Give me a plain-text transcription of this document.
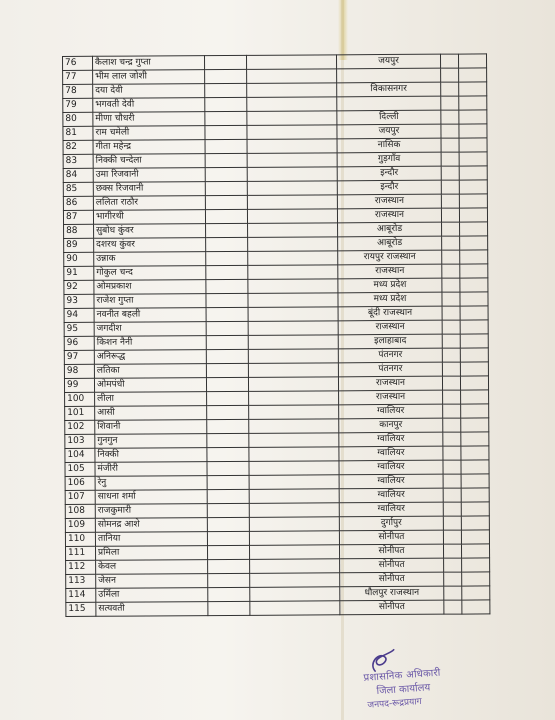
76	कैलाश चन्द्र गुप्ता			जयपुर		
77	भीम लाल जोशी					
78	दया देवी			विकासनगर		
79	भगवती देवी					
80	मीणा चौधरी			दिल्ली		
81	राम चमेली			जयपुर		
82	गीता महेन्द्र			नासिक		
83	निक्की चन्देला			गुड़गाँव		
84	उमा रिजवानी			इन्दौर		
85	छक्स रिजवानी			इन्दौर		
86	ललिता राठौर			राजस्थान		
87	भागीरथी			राजस्थान		
88	सुबोध कुंवर			आबूरोड		
89	दशरथ कुंवर			आबूरोड		
90	उन्नाक			रायपुर राजस्थान		
91	गोकुल चन्द			राजस्थान		
92	ओमप्रकाश			मध्य प्रदेश		
93	राजेश गुप्ता			मध्य प्रदेश		
94	नवनीत बहली			बूंदी राजस्थान		
95	जगदीश			राजस्थान		
96	किशन नैनी			इलाहाबाद		
97	अनिरूद्ध			पंतनगर		
98	लतिका			पंतनगर		
99	ओमपंधी			राजस्थान		
100	लीला			राजस्थान		
101	आसी			ग्वालियर		
102	शिवानी			कानपुर		
103	गुनगुन			ग्वालियर		
104	निक्की			ग्वालियर		
105	मंजीरी			ग्वालियर		
106	रेनु			ग्वालियर		
107	साधना शर्मा			ग्वालियर		
108	राजकुमारी			ग्वालियर		
109	सोमनद्र आशे			दुर्गापुर		
110	तानिया			सोनीपत		
111	प्रमिला			सोनीपत		
112	केवल			सोनीपत		
113	जेसन			सोनीपत		
114	उर्मिला			धौलपुर राजस्थान		
115	सत्यवती			सोनीपत		
प्रशासनिक अधिकारी
जिला कार्यालय
जनपद-रूद्रप्रयाग
